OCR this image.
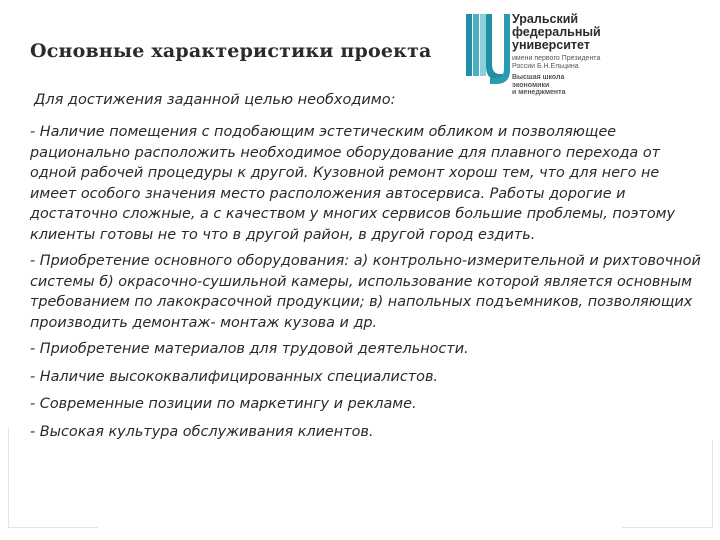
Основные характеристики проекта
Уральский
федеральный
университет
имени первого Президента
России Б.Н.Ельцина
Высшая школа
экономики
и менеджмента
Для достижения заданной целью необходимо:

- Наличие помещения с подобающим эстетическим обликом и позволяющее рационально расположить необходимое оборудование для плавного перехода от одной рабочей процедуры к другой. Кузовной ремонт хорош тем, что для него не имеет особого значения место расположения автосервиса. Работы дорогие и достаточно сложные, а с качеством у многих сервисов большие проблемы, поэтому клиенты готовы не то что в другой район, в другой город ездить.

- Приобретение основного оборудования: а) контрольно-измерительной и рихтовочной системы б) окрасочно-сушильной камеры, использование которой является основным требованием по лакокрасочной продукции; в) напольных подъемников, позволяющих производить демонтаж- монтаж кузова и др.

- Приобретение материалов для трудовой деятельности.

- Наличие высококвалифицированных специалистов.

- Современные позиции по маркетингу и рекламе.

- Высокая культура обслуживания клиентов.
